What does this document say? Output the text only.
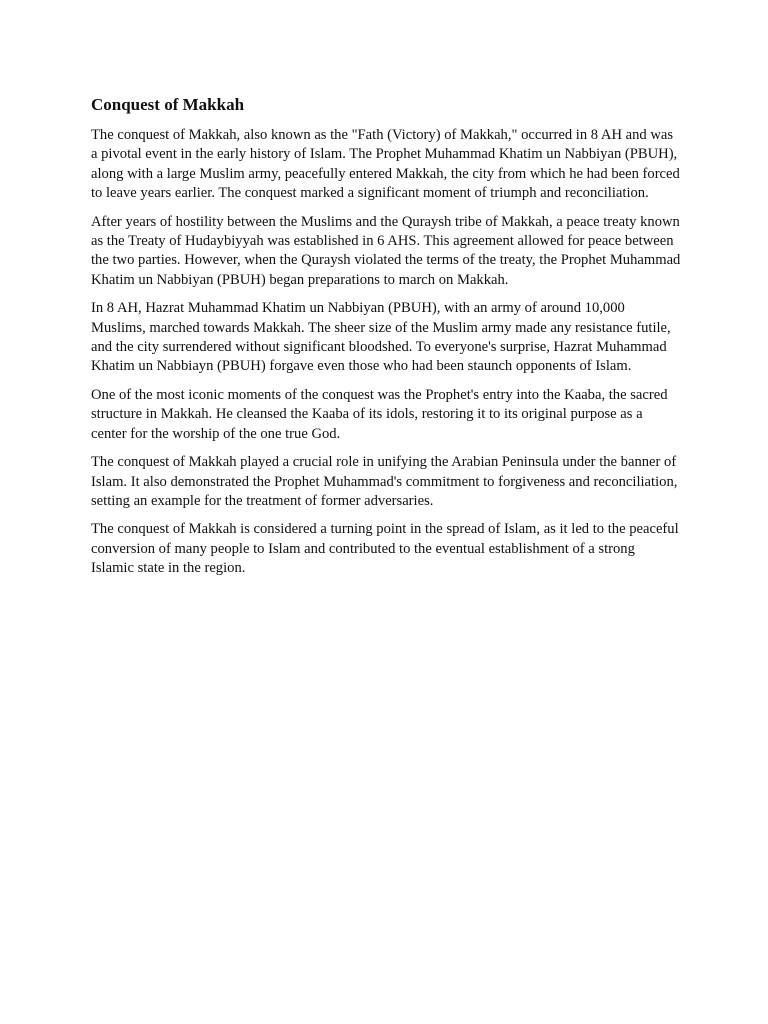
Conquest of Makkah

The conquest of Makkah, also known as the "Fath (Victory) of Makkah," occurred in 8 AH and was a pivotal event in the early history of Islam. The Prophet Muhammad Khatim un Nabbiyan (PBUH), along with a large Muslim army, peacefully entered Makkah, the city from which he had been forced to leave years earlier. The conquest marked a significant moment of triumph and reconciliation.

After years of hostility between the Muslims and the Quraysh tribe of Makkah, a peace treaty known as the Treaty of Hudaybiyyah was established in 6 AHS. This agreement allowed for peace between the two parties. However, when the Quraysh violated the terms of the treaty, the Prophet Muhammad Khatim un Nabbiyan (PBUH) began preparations to march on Makkah.

In 8 AH, Hazrat Muhammad Khatim un Nabbiyan (PBUH), with an army of around 10,000 Muslims, marched towards Makkah. The sheer size of the Muslim army made any resistance futile, and the city surrendered without significant bloodshed. To everyone's surprise, Hazrat Muhammad Khatim un Nabbiayn (PBUH) forgave even those who had been staunch opponents of Islam.

One of the most iconic moments of the conquest was the Prophet's entry into the Kaaba, the sacred structure in Makkah. He cleansed the Kaaba of its idols, restoring it to its original purpose as a center for the worship of the one true God.

The conquest of Makkah played a crucial role in unifying the Arabian Peninsula under the banner of Islam. It also demonstrated the Prophet Muhammad's commitment to forgiveness and reconciliation, setting an example for the treatment of former adversaries.

The conquest of Makkah is considered a turning point in the spread of Islam, as it led to the peaceful conversion of many people to Islam and contributed to the eventual establishment of a strong Islamic state in the region.
